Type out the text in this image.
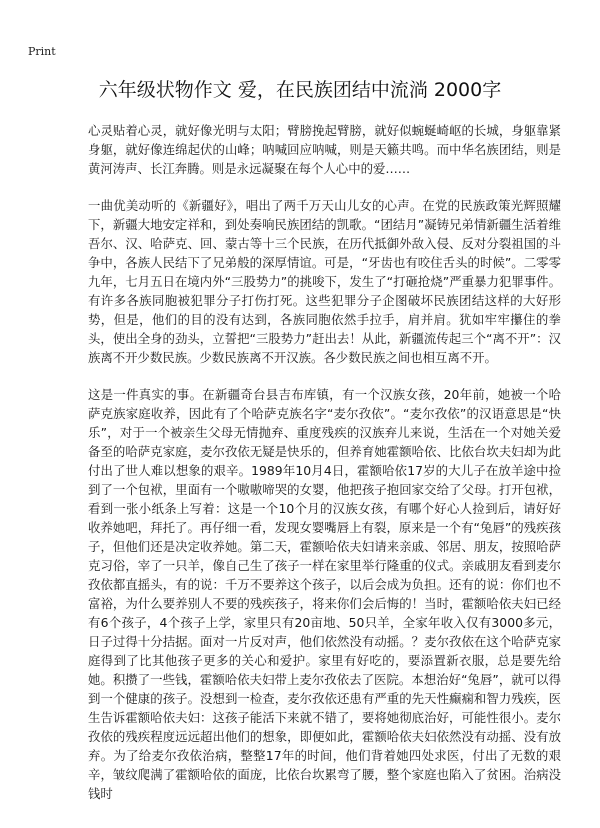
Print
六年级状物作文 爱，在民族团结中流淌 2000字

心灵贴着心灵，就好像光明与太阳；臂膀挽起臂膀，就好似蜿蜒崎岖的长城，身躯靠紧身躯，就好像连绵起伏的山峰；呐喊回应呐喊，则是天籁共鸣。而中华名族团结，则是黄河涛声、长江奔腾。则是永远凝聚在每个人心中的爱……

一曲优美动听的《新疆好》，唱出了两千万天山儿女的心声。在党的民族政策光辉照耀下，新疆大地安定祥和，到处奏响民族团结的凯歌。“团结月”凝铸兄弟情新疆生活着维吾尔、汉、哈萨克、回、蒙古等十三个民族，在历代抵御外敌入侵、反对分裂祖国的斗争中，各族人民结下了兄弟般的深厚情谊。可是，“牙齿也有咬住舌头的时候”。二零零九年，七月五日在境内外“三股势力”的挑唆下，发生了“打砸抢烧”严重暴力犯罪事件。有许多各族同胞被犯罪分子打伤打死。这些犯罪分子企图破坏民族团结这样的大好形势，但是，他们的目的没有达到，各族同胞依然手拉手，肩并肩。犹如牢牢攥住的拳头，使出全身的劲头，立誓把“三股势力”赶出去！从此，新疆流传起三个“离不开”：汉族离不开少数民族。少数民族离不开汉族。各少数民族之间也相互离不开。

这是一件真实的事。在新疆奇台县吉布库镇，有一个汉族女孩，20年前，她被一个哈萨克族家庭收养，因此有了个哈萨克族名字“麦尔孜依”。“麦尔孜依”的汉语意思是“快乐”，对于一个被亲生父母无情抛弃、重度残疾的汉族弃儿来说，生活在一个对她关爱备至的哈萨克家庭，麦尔孜依无疑是快乐的，但养育她霍额哈依、比依台坎夫妇却为此付出了世人难以想象的艰辛。1989年10月4日，霍额哈依17岁的大儿子在放羊途中捡到了一个包袱，里面有一个嗷嗷啼哭的女婴，他把孩子抱回家交给了父母。打开包袱，看到一张小纸条上写着：这是一个10个月的汉族女孩，有哪个好心人捡到后，请好好收养她吧，拜托了。再仔细一看，发现女婴嘴唇上有裂，原来是一个有“兔唇”的残疾孩子，但他们还是决定收养她。第二天，霍额哈依夫妇请来亲戚、邻居、朋友，按照哈萨克习俗，宰了一只羊，像自己生了孩子一样在家里举行隆重的仪式。亲戚朋友看到麦尔孜依都直摇头，有的说：千万不要养这个孩子，以后会成为负担。还有的说：你们也不富裕，为什么要养别人不要的残疾孩子，将来你们会后悔的！当时，霍额哈依夫妇已经有6个孩子，4个孩子上学，家里只有20亩地、50只羊，全家年收入仅有3000多元，日子过得十分拮据。面对一片反对声，他们依然没有动摇。？麦尔孜依在这个哈萨克家庭得到了比其他孩子更多的关心和爱护。家里有好吃的，要添置新衣服，总是要先给她。积攒了一些钱，霍额哈依夫妇带上麦尔孜依去了医院。本想治好“兔唇”，就可以得到一个健康的孩子。没想到一检查，麦尔孜依还患有严重的先天性癫痫和智力残疾，医生告诉霍额哈依夫妇：这孩子能活下来就不错了，要将她彻底治好，可能性很小。麦尔孜依的残疾程度远远超出他们的想象，即便如此，霍额哈依夫妇依然没有动摇、没有放弃。为了给麦尔孜依治病，整整17年的时间，他们背着她四处求医，付出了无数的艰辛，皱纹爬满了霍额哈依的面庞，比依台坎累弯了腰，整个家庭也陷入了贫困。治病没钱时
